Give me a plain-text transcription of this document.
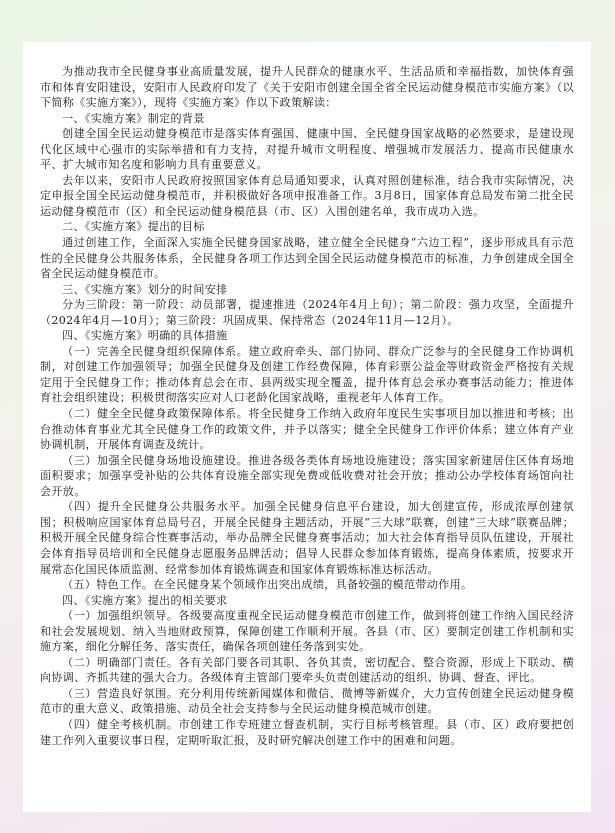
为推动我市全民健身事业高质量发展，提升人民群众的健康水平、生活品质和幸福指数，加快体育强市和体育安阳建设，安阳市人民政府印发了《关于安阳市创建全国全省全民运动健身模范市实施方案》（以下简称《实施方案》），现将《实施方案》作以下政策解读：

一、《实施方案》制定的背景

创建全国全民运动健身模范市是落实体育强国、健康中国、全民健身国家战略的必然要求，是建设现代化区域中心强市的实际举措和有力支持，对提升城市文明程度、增强城市发展活力、提高市民健康水平、扩大城市知名度和影响力具有重要意义。

去年以来，安阳市人民政府按照国家体育总局通知要求，认真对照创建标准，结合我市实际情况，决定申报全国全民运动健身模范市，并积极做好各项申报准备工作。3月8日，国家体育总局发布第二批全民运动健身模范市（区）和全民运动健身模范县（市、区）入围创建名单，我市成功入选。

二、《实施方案》提出的目标

通过创建工作，全面深入实施全民健身国家战略，建立健全全民健身“六边工程”，逐步形成具有示范性的全民健身公共服务体系，全民健身各项工作达到全国全民运动健身模范市的标准，力争创建成全国全省全民运动健身模范市。

三、《实施方案》划分的时间安排

分为三阶段：第一阶段：动员部署，提速推进（2024年4月上旬）；第二阶段：强力攻坚，全面提升（2024年4月—10月）；第三阶段：巩固成果、保持常态（2024年11月—12月）。

四、《实施方案》明确的具体措施

（一）完善全民健身组织保障体系。建立政府牵头、部门协同、群众广泛参与的全民健身工作协调机制，对创建工作加强领导；加强全民健身及创建工作经费保障，体育彩票公益金等财政资金严格按有关规定用于全民健身工作；推动体育总会在市、县两级实现全覆盖，提升体育总会承办赛事活动能力；推进体育社会组织建设；积极贯彻落实应对人口老龄化国家战略，重视老年人体育工作。

（二）健全全民健身政策保障体系。将全民健身工作纳入政府年度民生实事项目加以推进和考核；出台推动体育事业尤其全民健身工作的政策文件，并予以落实；健全全民健身工作评价体系；建立体育产业协调机制，开展体育调查及统计。

（三）加强全民健身场地设施建设。推进各级各类体育场地设施建设；落实国家新建居住区体育场地面积要求；加强享受补贴的公共体育设施全部实现免费或低收费对社会开放；推动公办学校体育场馆向社会开放。

（四）提升全民健身公共服务水平。加强全民健身信息平台建设，加大创建宣传，形成浓厚创建氛围；积极响应国家体育总局号召，开展全民健身主题活动，开展“三大球”联赛，创建“三大球”联赛品牌；积极开展全民健身综合性赛事活动，举办品牌全民健身赛事活动；加大社会体育指导员队伍建设，开展社会体育指导员培训和全民健身志愿服务品牌活动；倡导人民群众参加体育锻炼，提高身体素质，按要求开展常态化国民体质监测、经常参加体育锻炼调查和国家体育锻炼标准达标活动。

（五）特色工作。在全民健身某个领域作出突出成绩，具备较强的模范带动作用。

四、《实施方案》提出的相关要求

（一）加强组织领导。各级要高度重视全民运动健身模范市创建工作，做到将创建工作纳入国民经济和社会发展规划、纳入当地财政预算，保障创建工作顺利开展。各县（市、区）要制定创建工作机制和实施方案，细化分解任务、落实责任，确保各项创建任务落到实处。

（二）明确部门责任。各有关部门要各司其职、各负其责，密切配合、整合资源，形成上下联动、横向协调、齐抓共建的强大合力。各级体育主管部门要牵头负责创建活动的组织、协调、督查、评比。

（三）营造良好氛围。充分利用传统新闻媒体和微信、微博等新媒介，大力宣传创建全民运动健身模范市的重大意义、政策措施、动员全社会支持参与全民运动健身模范城市创建。

（四）健全考核机制。市创建工作专班建立督查机制，实行目标考核管理。县（市、区）政府要把创建工作列入重要议事日程，定期听取汇报，及时研究解决创建工作中的困难和问题。
